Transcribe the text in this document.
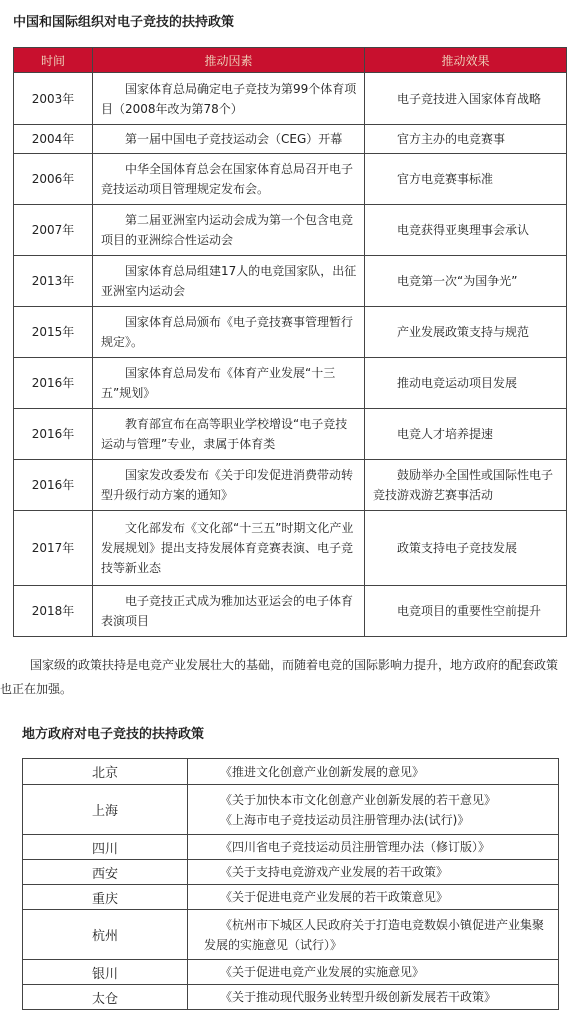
中国和国际组织对电子竞技的扶持政策
时间	推动因素	推动效果
2003年	国家体育总局确定电子竞技为第99个体育项目（2008年改为第78个）	电子竞技进入国家体育战略
2004年	第一届中国电子竞技运动会（CEG）开幕	官方主办的电竞赛事
2006年	中华全国体育总会在国家体育总局召开电子竞技运动项目管理规定发布会。	官方电竞赛事标准
2007年	第二届亚洲室内运动会成为第一个包含电竞项目的亚洲综合性运动会	电竞获得亚奥理事会承认
2013年	国家体育总局组建17人的电竞国家队，出征亚洲室内运动会	电竞第一次“为国争光”
2015年	国家体育总局颁布《电子竞技赛事管理暂行规定》。	产业发展政策支持与规范
2016年	国家体育总局发布《体育产业发展“十三五”规划》	推动电竞运动项目发展
2016年	教育部宣布在高等职业学校增设“电子竞技运动与管理”专业，隶属于体育类	电竞人才培养提速
2016年	国家发改委发布《关于印发促进消费带动转型升级行动方案的通知》	鼓励举办全国性或国际性电子竞技游戏游艺赛事活动
2017年	文化部发布《文化部“十三五”时期文化产业发展规划》提出支持发展体育竞赛表演、电子竞技等新业态	政策支持电子竞技发展
2018年	电子竞技正式成为雅加达亚运会的电子体育表演项目	电竞项目的重要性空前提升
国家级的政策扶持是电竞产业发展壮大的基础，而随着电竞的国际影响力提升，地方政府的配套政策
也正在加强。
地方政府对电子竞技的扶持政策
北京	《推进文化创意产业创新发展的意见》

上海	《关于加快本市文化创意产业创新发展的若干意见》
《上海市电子竞技运动员注册管理办法(试行)》

四川	《四川省电子竞技运动员注册管理办法（修订版）》

西安	《关于支持电竞游戏产业发展的若干政策》

重庆	《关于促进电竞产业发展的若干政策意见》

杭州	《杭州市下城区人民政府关于打造电竞数娱小镇促进产业集聚发展的实施意见（试行）》

银川	《关于促进电竞产业发展的实施意见》

太仓	《关于推动现代服务业转型升级创新发展若干政策》
